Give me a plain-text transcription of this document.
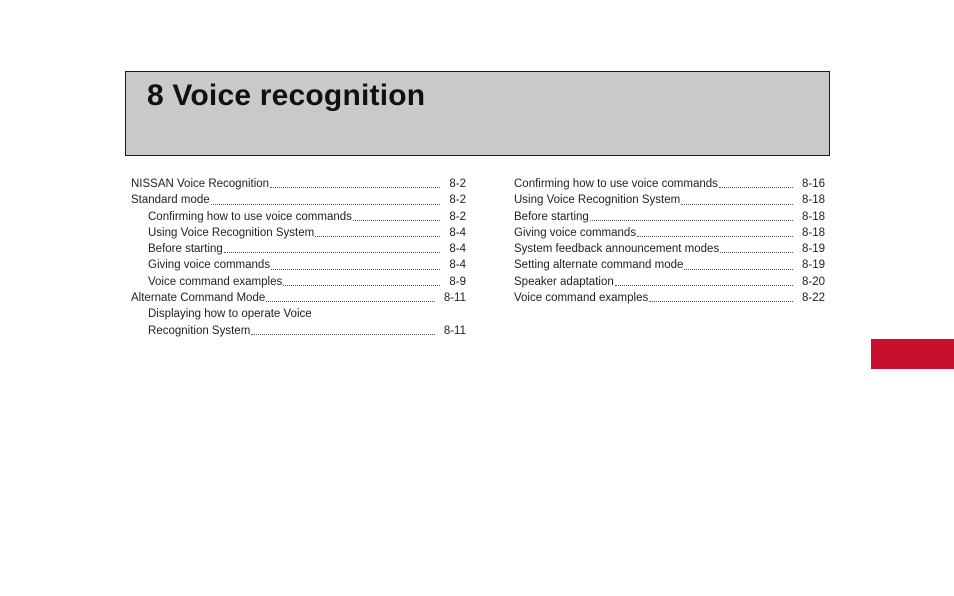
8 Voice recognition
NISSAN Voice Recognition	8-2
Standard mode	8-2
Confirming how to use voice commands	8-2
Using Voice Recognition System	8-4
Before starting	8-4
Giving voice commands	8-4
Voice command examples	8-9
Alternate Command Mode	8-11
Displaying how to operate Voice
Recognition System	8-11
Confirming how to use voice commands	8-16
Using Voice Recognition System	8-18
Before starting	8-18
Giving voice commands	8-18
System feedback announcement modes	8-19
Setting alternate command mode	8-19
Speaker adaptation	8-20
Voice command examples	8-22
